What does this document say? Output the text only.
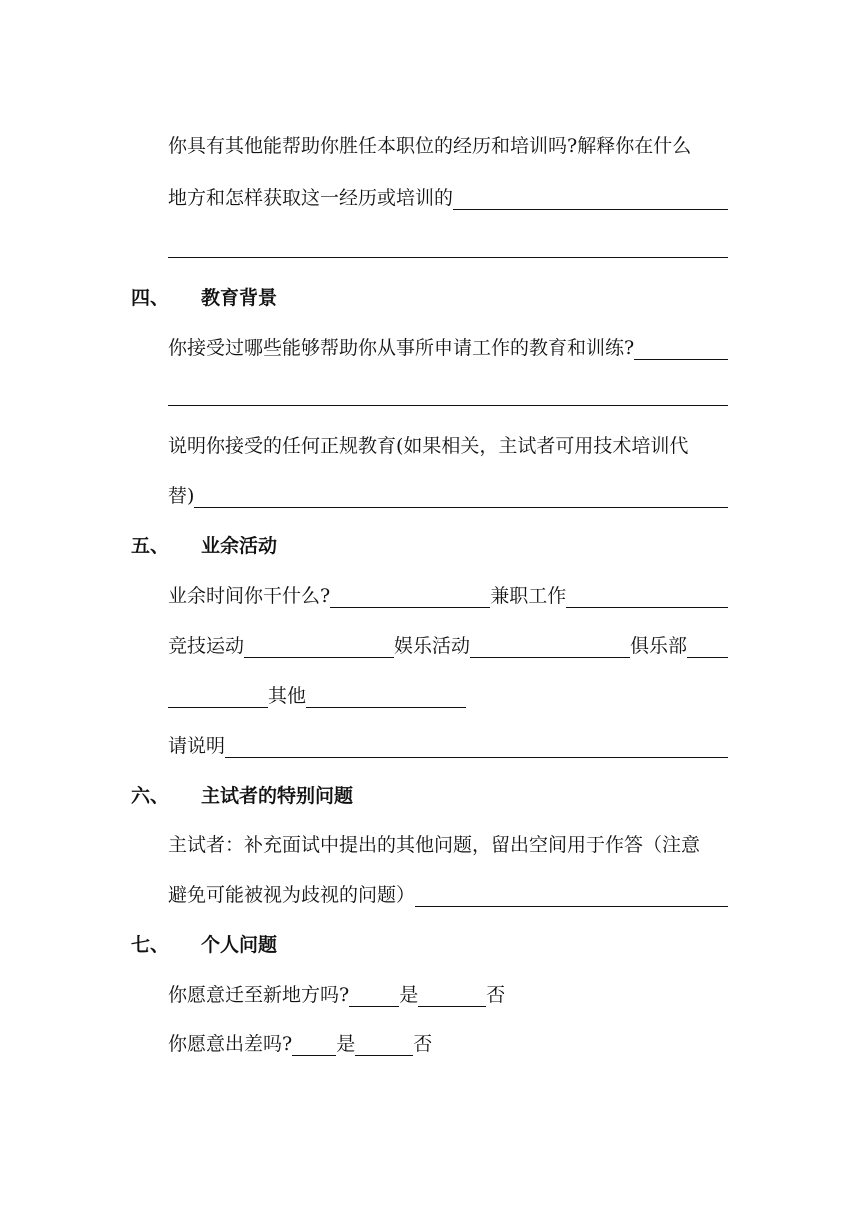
你具有其他能帮助你胜任本职位的经历和培训吗?解释你在什么
地方和怎样获取这一经历或培训的
四、 教育背景
你接受过哪些能够帮助你从事所申请工作的教育和训练?
说明你接受的任何正规教育(如果相关，主试者可用技术培训代
替)
五、 业余活动
业余时间你干什么?	兼职工作
竞技运动	娱乐活动	俱乐部
其他
请说明
六、 主试者的特别问题
主试者：补充面试中提出的其他问题，留出空间用于作答（注意
避免可能被视为歧视的问题）
七、 个人问题
你愿意迁至新地方吗?	是	否
你愿意出差吗? 是	否
